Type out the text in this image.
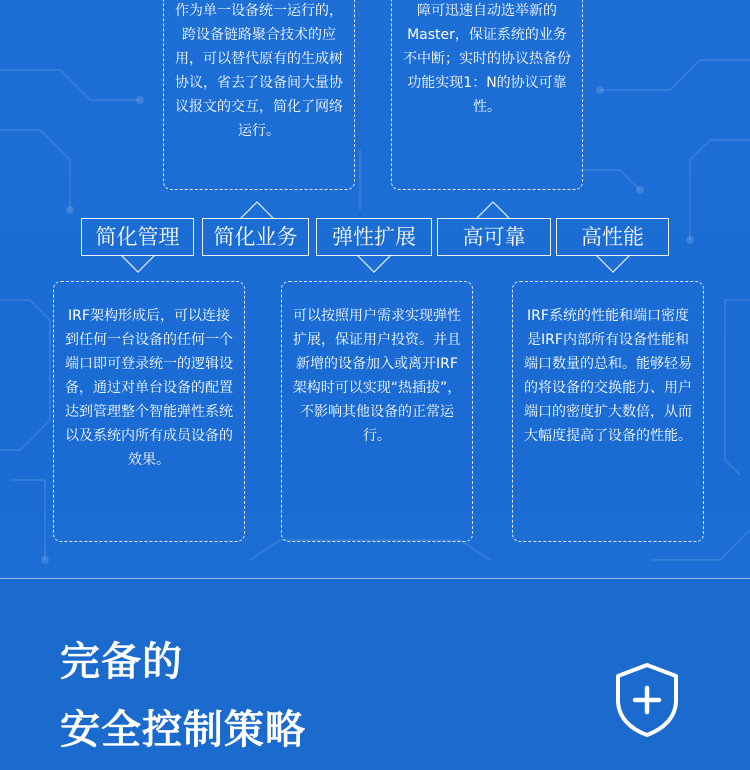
作为单一设备统一运行的，跨设备链路聚合技术的应用，可以替代原有的生成树协议，省去了设备间大量协议报文的交互，简化了网络运行。

障可迅速自动选举新的Master，保证系统的业务不中断；实时的协议热备份功能实现1：N的协议可靠性。

简化管理	简化业务	弹性扩展	高可靠	高性能

IRF架构形成后，可以连接到任何一台设备的任何一个端口即可登录统一的逻辑设备，通过对单台设备的配置达到管理整个智能弹性系统以及系统内所有成员设备的效果。

可以按照用户需求实现弹性扩展，保证用户投资。并且新增的设备加入或离开IRF架构时可以实现“热插拔”，不影响其他设备的正常运行。

IRF系统的性能和端口密度是IRF内部所有设备性能和端口数量的总和。能够轻易的将设备的交换能力、用户端口的密度扩大数倍，从而大幅度提高了设备的性能。

完备的
安全控制策略
